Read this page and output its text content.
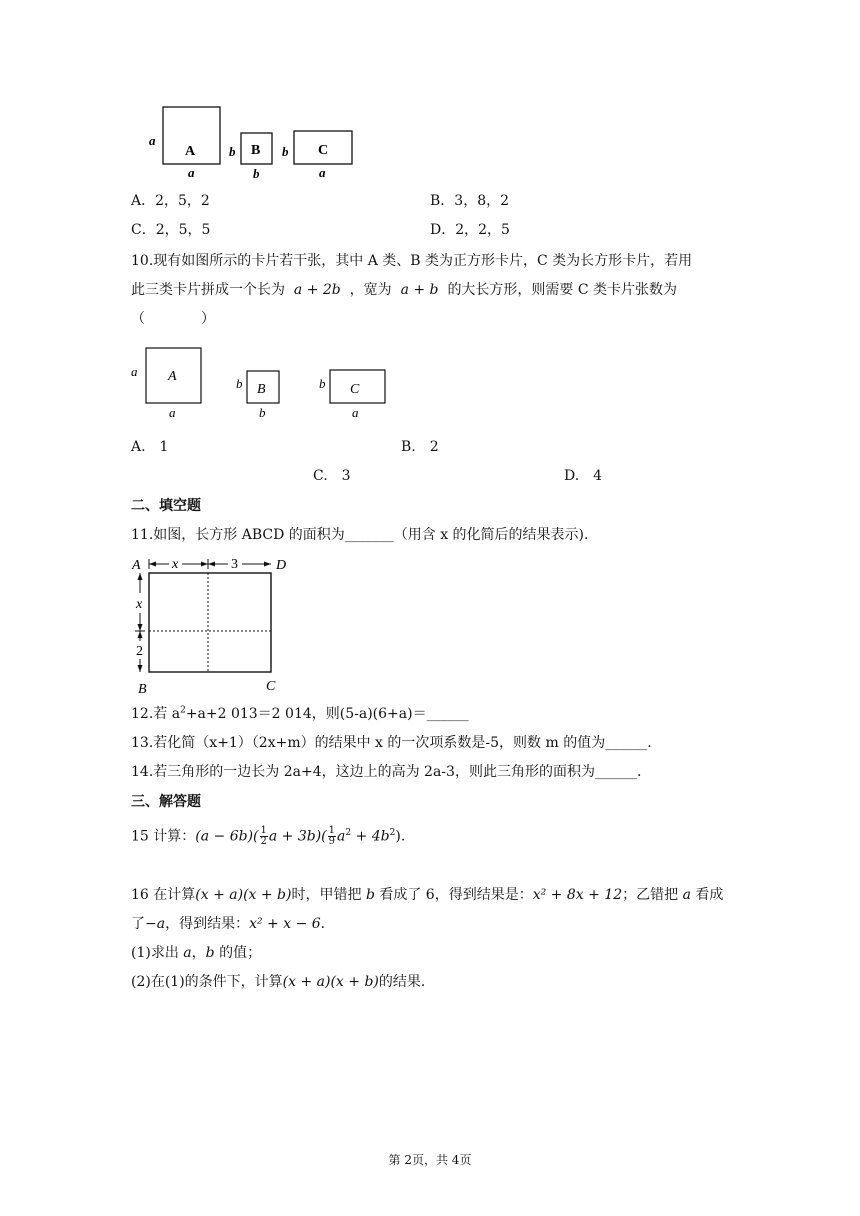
a
A
a
b B
b
b C
a
A．2，5，2	B．3，8，2
C．2，5，5	D．2，2，5
10.现有如图所示的卡片若干张，其中 A 类、B 类为正方形卡片，C 类为长方形卡片，若用
此三类卡片拼成一个长为 a + 2b ，宽为 a + b 的大长方形，则需要 C 类卡片张数为
（　　　　）
a A
a
b B
b
b C
a
A.　1	B.　2
C.　3	D.　4
二、填空题
11.如图，长方形 ABCD 的面积为_______（用含 x 的化简后的结果表示).
A	D
B	C
x	3
x
2
12.若 $a^2+a+2$ 013＝2 014，则(5-a)(6+a)＝______
13.若化简（x+1）（2x+m）的结果中 x 的一次项系数是-5，则数 m 的值为______.
14.若三角形的一边长为 2a+4，这边上的高为 2a-3，则此三角形的面积为______.
三、解答题
15 计算：$(a - 6b)( \frac{1}{2}$ $a + 3b)( \frac{1}{9} a^2 + 4b^2)$.
16 在计算(x + a)(x + b)时，甲错把 b 看成了 6，得到结果是：x² + 8x + 12；乙错把 a 看成
了−a，得到结果：x² + x − 6.
(1)求出 a，b 的值；
(2)在(1)的条件下，计算(x + a)(x + b)的结果.
第 2页，共 4页
